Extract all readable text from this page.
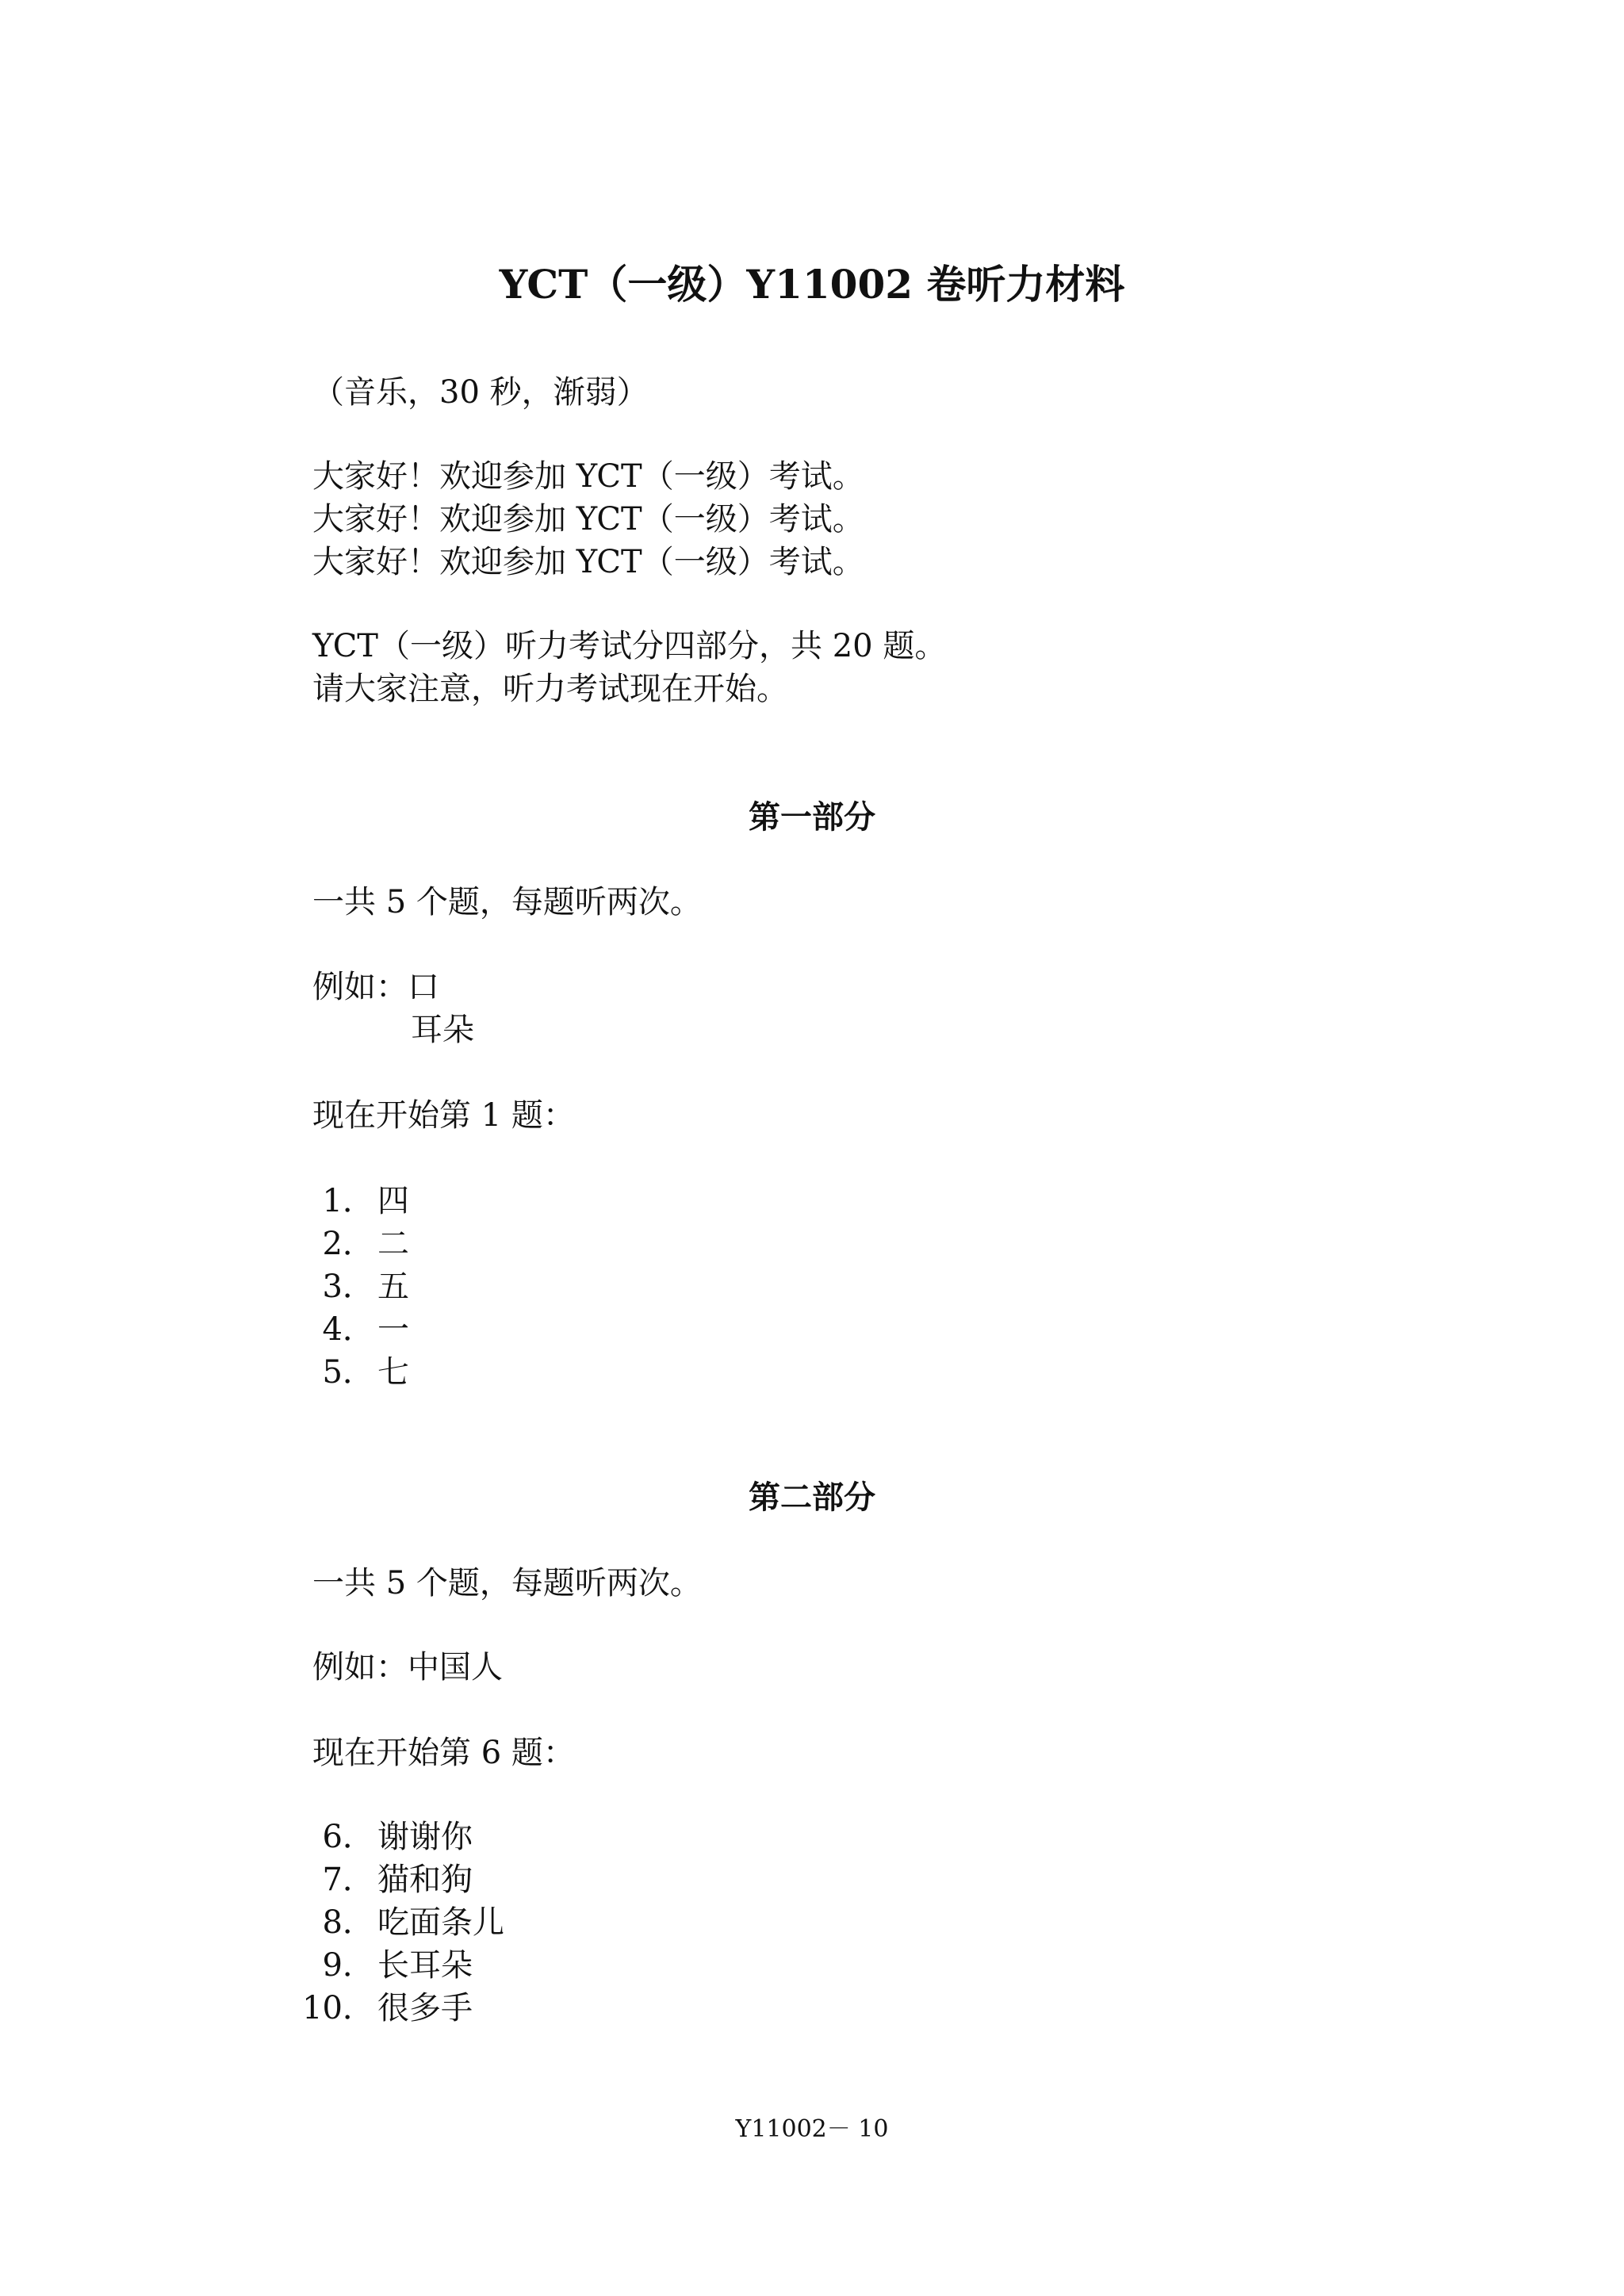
YCT（一级）Y11002 卷听力材料

（音乐，30 秒，渐弱）

大家好！欢迎参加 YCT（一级）考试。

大家好！欢迎参加 YCT（一级）考试。

大家好！欢迎参加 YCT（一级）考试。

YCT（一级）听力考试分四部分，共 20 题。

请大家注意，听力考试现在开始。

第一部分

一共 5 个题，每题听两次。

例如：口

耳朵

现在开始第 1 题：

1． 四
2． 二
3． 五
4． 一
5． 七
第二部分

一共 5 个题，每题听两次。

例如：中国人

现在开始第 6 题：

6． 谢谢你
7． 猫和狗
8． 吃面条儿
9． 长耳朵
10． 很多手

Y11002－ 10
